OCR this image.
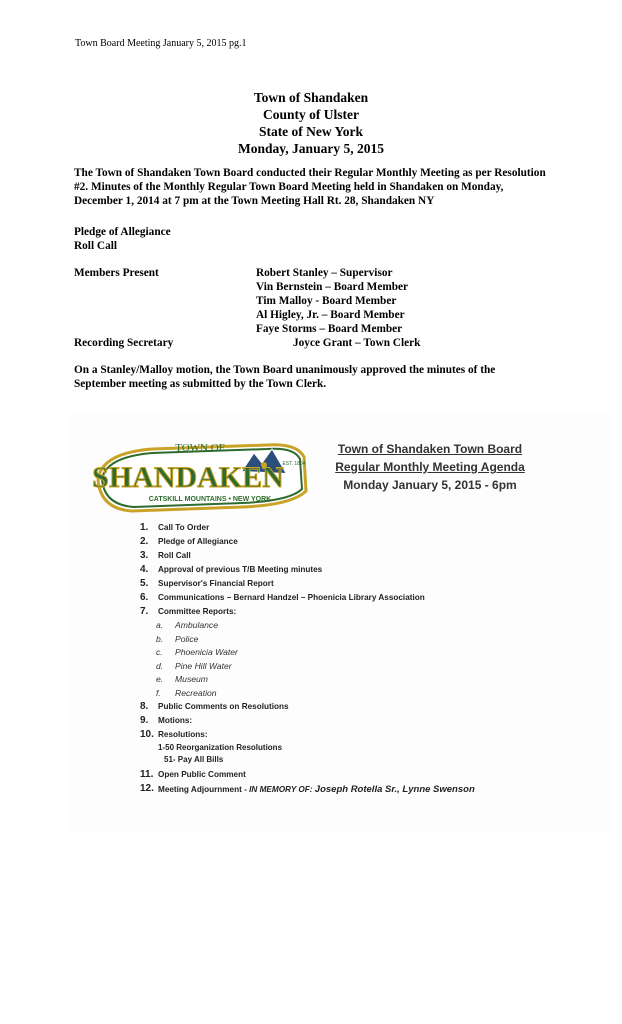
Town Board Meeting January 5, 2015 pg.1
Town of Shandaken
County of Ulster
State of New York
Monday, January 5, 2015
The Town of Shandaken Town Board conducted their Regular Monthly Meeting as per Resolution #2. Minutes of the Monthly Regular Town Board Meeting held in Shandaken on Monday, December 1, 2014 at 7 pm at the Town Meeting Hall Rt. 28, Shandaken NY
Pledge of Allegiance
Roll Call
Members Present	Robert Stanley – Supervisor
Vin Bernstein – Board Member
Tim Malloy - Board Member
Al Higley, Jr. – Board Member
Faye Storms – Board Member
Recording Secretary	Joyce Grant – Town Clerk
On a Stanley/Malloy motion, the Town Board unanimously approved the minutes of the September meeting as submitted by the Town Clerk.
TOWN OF
EST. 1804
SHANDAKEN
CATSKILL MOUNTAINS • NEW YORK
Town of Shandaken Town Board
Regular Monthly Meeting Agenda
Monday January 5, 2015 - 6pm
1.	Call To Order
2.	Pledge of Allegiance
3.	Roll Call
4.	Approval of previous T/B Meeting minutes
5.	Supervisor's Financial Report
6.	Communications – Bernard Handzel – Phoenicia Library Association
7.	Committee Reports:
a. Ambulance
b. Police
c. Phoenicia Water
d. Pine Hill Water
e. Museum
f. Recreation
8.	Public Comments on Resolutions
9.	Motions:
10. Resolutions:
1-50 Reorganization Resolutions
51- Pay All Bills
11. Open Public Comment
12. Meeting Adjournment - IN MEMORY OF: Joseph Rotella Sr., Lynne Swenson
